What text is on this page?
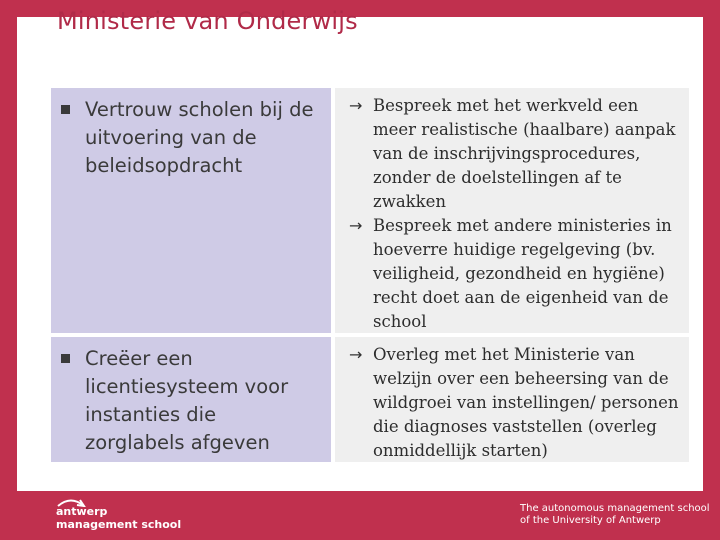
Ministerie van Onderwijs
Vertrouw scholen bij de uitvoering van de beleidsopdracht
→ Bespreek met het werkveld een meer realistische (haalbare) aanpak van de inschrijvingsprocedures, zonder de doelstellingen af te zwakken
→ Bespreek met andere ministeries in hoeverre huidige regelgeving (bv. veiligheid, gezondheid en hygiëne) recht doet aan de eigenheid van de school
Creëer een licentiesysteem voor instanties die zorglabels afgeven
→ Overleg met het Ministerie van welzijn over een beheersing van de wildgroei van instellingen/ personen die diagnoses vaststellen (overleg onmiddellijk starten)
antwerp
management school
The autonomous management school
of the University of Antwerp
